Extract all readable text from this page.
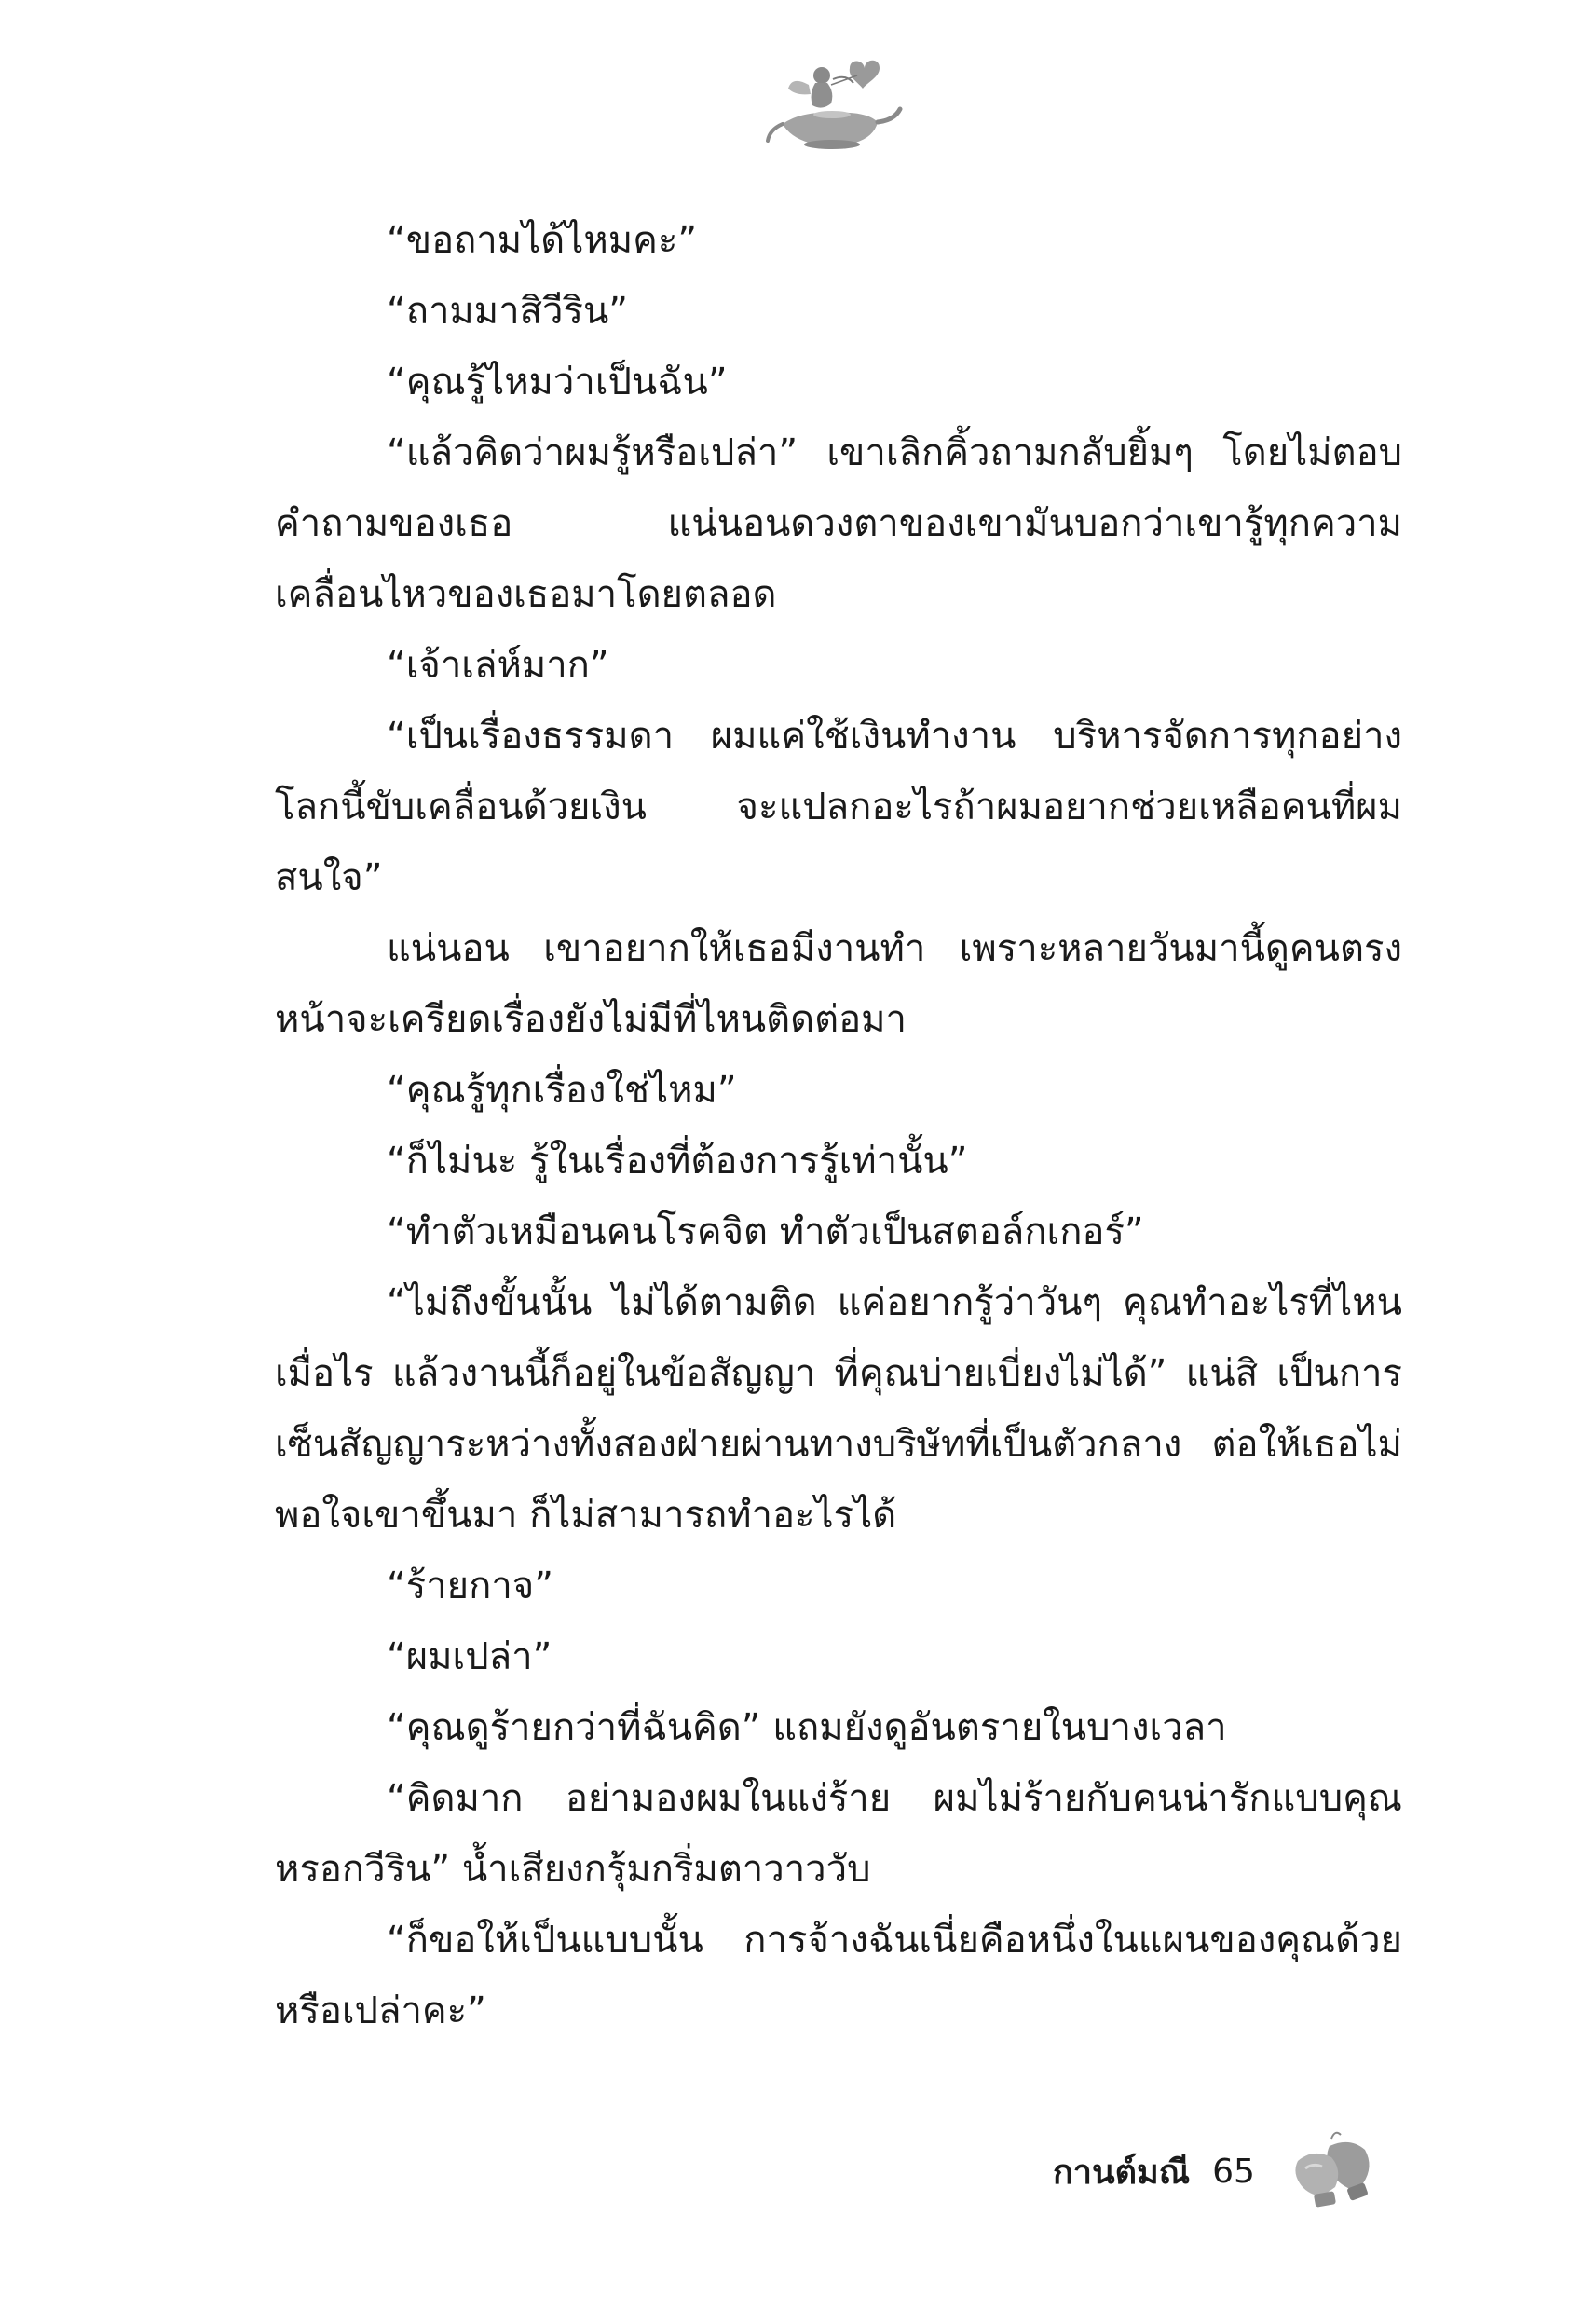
“ขอถามได้ไหมคะ”

“ถามมาสิวีริน”

“คุณรู้ไหมว่าเป็นฉัน”

“แล้วคิดว่าผมรู้หรือเปล่า” เขาเลิกคิ้วถามกลับยิ้มๆ โดยไม่ตอบคำถามของเธอ แน่นอนดวงตาของเขามันบอกว่าเขารู้ทุกความเคลื่อนไหวของเธอมาโดยตลอด

“เจ้าเล่ห์มาก”

“เป็นเรื่องธรรมดา ผมแค่ใช้เงินทำงาน บริหารจัดการทุกอย่าง โลกนี้ขับเคลื่อนด้วยเงิน จะแปลกอะไรถ้าผมอยากช่วยเหลือคนที่ผมสนใจ”

แน่นอน เขาอยากให้เธอมีงานทำ เพราะหลายวันมานี้ดูคนตรงหน้าจะเครียดเรื่องยังไม่มีที่ไหนติดต่อมา

“คุณรู้ทุกเรื่องใช่ไหม”

“ก็ไม่นะ รู้ในเรื่องที่ต้องการรู้เท่านั้น”

“ทำตัวเหมือนคนโรคจิต ทำตัวเป็นสตอล์กเกอร์”

“ไม่ถึงขั้นนั้น ไม่ได้ตามติด แค่อยากรู้ว่าวันๆ คุณทำอะไรที่ไหน เมื่อไร แล้วงานนี้ก็อยู่ในข้อสัญญา ที่คุณบ่ายเบี่ยงไม่ได้” แน่สิ เป็นการเซ็นสัญญาระหว่างทั้งสองฝ่ายผ่านทางบริษัทที่เป็นตัวกลาง ต่อให้เธอไม่พอใจเขาขึ้นมา ก็ไม่สามารถทำอะไรได้

“ร้ายกาจ”

“ผมเปล่า”

“คุณดูร้ายกว่าที่ฉันคิด” แถมยังดูอันตรายในบางเวลา

“คิดมาก อย่ามองผมในแง่ร้าย ผมไม่ร้ายกับคนน่ารักแบบคุณหรอกวีริน” น้ำเสียงกรุ้มกริ่มตาวาววับ

“ก็ขอให้เป็นแบบนั้น การจ้างฉันเนี่ยคือหนึ่งในแผนของคุณด้วยหรือเปล่าคะ”

กานต์มณี 65
